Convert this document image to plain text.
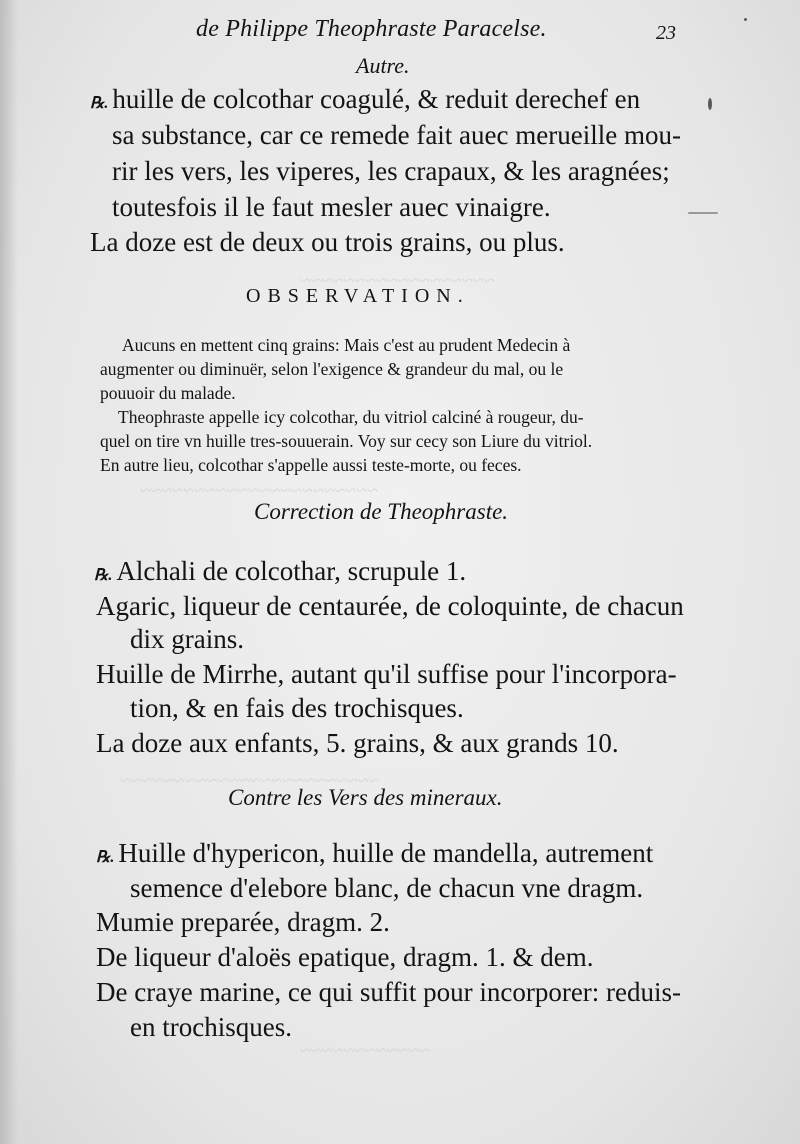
~~~~~~~~~~~~~~~~~~
~~~~~~~~~~~~~~~~~~~~~~
~~~~~~~~~~~~~~~~~~~~~~~~
~~~~~~~~~~~~
de Philippe Theophraste Paracelse.	23
Autre.
℞. huille de colcothar coagulé, & reduit derechef en
sa substance, car ce remede fait auec merueille mou-
rir les vers, les viperes, les crapaux, & les aragnées;
toutesfois il le faut mesler auec vinaigre.
La doze est de deux ou trois grains, ou plus.
OBSERVATION.
Aucuns en mettent cinq grains: Mais c'est au prudent Medecin à
augmenter ou diminuër, selon l'exigence & grandeur du mal, ou le
pouuoir du malade.
Theophraste appelle icy colcothar, du vitriol calciné à rougeur, du-
quel on tire vn huille tres-souuerain. Voy sur cecy son Liure du vitriol.
En autre lieu, colcothar s'appelle aussi teste-morte, ou feces.
Correction de Theophraste.
℞. Alchali de colcothar, scrupule 1.
Agaric, liqueur de centaurée, de coloquinte, de chacun
dix grains.
Huille de Mirrhe, autant qu'il suffise pour l'incorpora-
tion, & en fais des trochisques.
La doze aux enfants, 5. grains, & aux grands 10.
Contre les Vers des mineraux.
℞. Huille d'hypericon, huille de mandella, autrement
semence d'elebore blanc, de chacun vne dragm.
Mumie preparée, dragm. 2.
De liqueur d'aloës epatique, dragm. 1. & dem.
De craye marine, ce qui suffit pour incorporer: reduis-
en trochisques.
